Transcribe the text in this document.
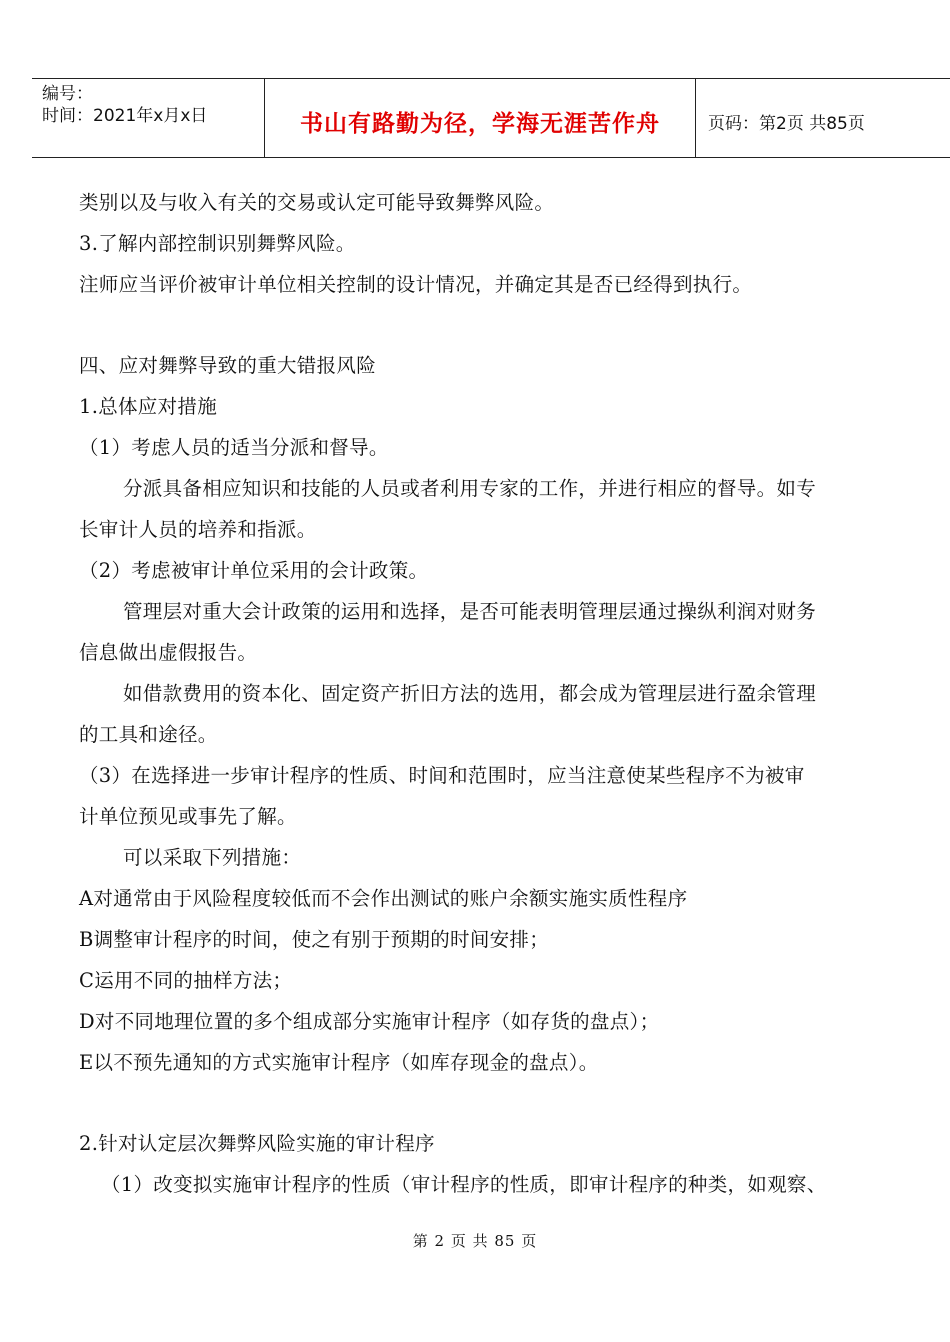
编号：
时间：2021年x月x日	书山有路勤为径，学海无涯苦作舟	页码：第2页 共85页
类别以及与收入有关的交易或认定可能导致舞弊风险。
3.了解内部控制识别舞弊风险。
注师应当评价被审计单位相关控制的设计情况，并确定其是否已经得到执行。
四、应对舞弊导致的重大错报风险
1.总体应对措施
（1）考虑人员的适当分派和督导。
分派具备相应知识和技能的人员或者利用专家的工作，并进行相应的督导。如专
长审计人员的培养和指派。
（2）考虑被审计单位采用的会计政策。
管理层对重大会计政策的运用和选择，是否可能表明管理层通过操纵利润对财务
信息做出虚假报告。
如借款费用的资本化、固定资产折旧方法的选用，都会成为管理层进行盈余管理
的工具和途径。
（3）在选择进一步审计程序的性质、时间和范围时，应当注意使某些程序不为被审
计单位预见或事先了解。
可以采取下列措施：
A对通常由于风险程度较低而不会作出测试的账户余额实施实质性程序
B调整审计程序的时间，使之有别于预期的时间安排；
C运用不同的抽样方法；
D对不同地理位置的多个组成部分实施审计程序（如存货的盘点）；
E以不预先通知的方式实施审计程序（如库存现金的盘点）。
2.针对认定层次舞弊风险实施的审计程序
（1）改变拟实施审计程序的性质（审计程序的性质，即审计程序的种类，如观察、
第 2 页 共 85 页
